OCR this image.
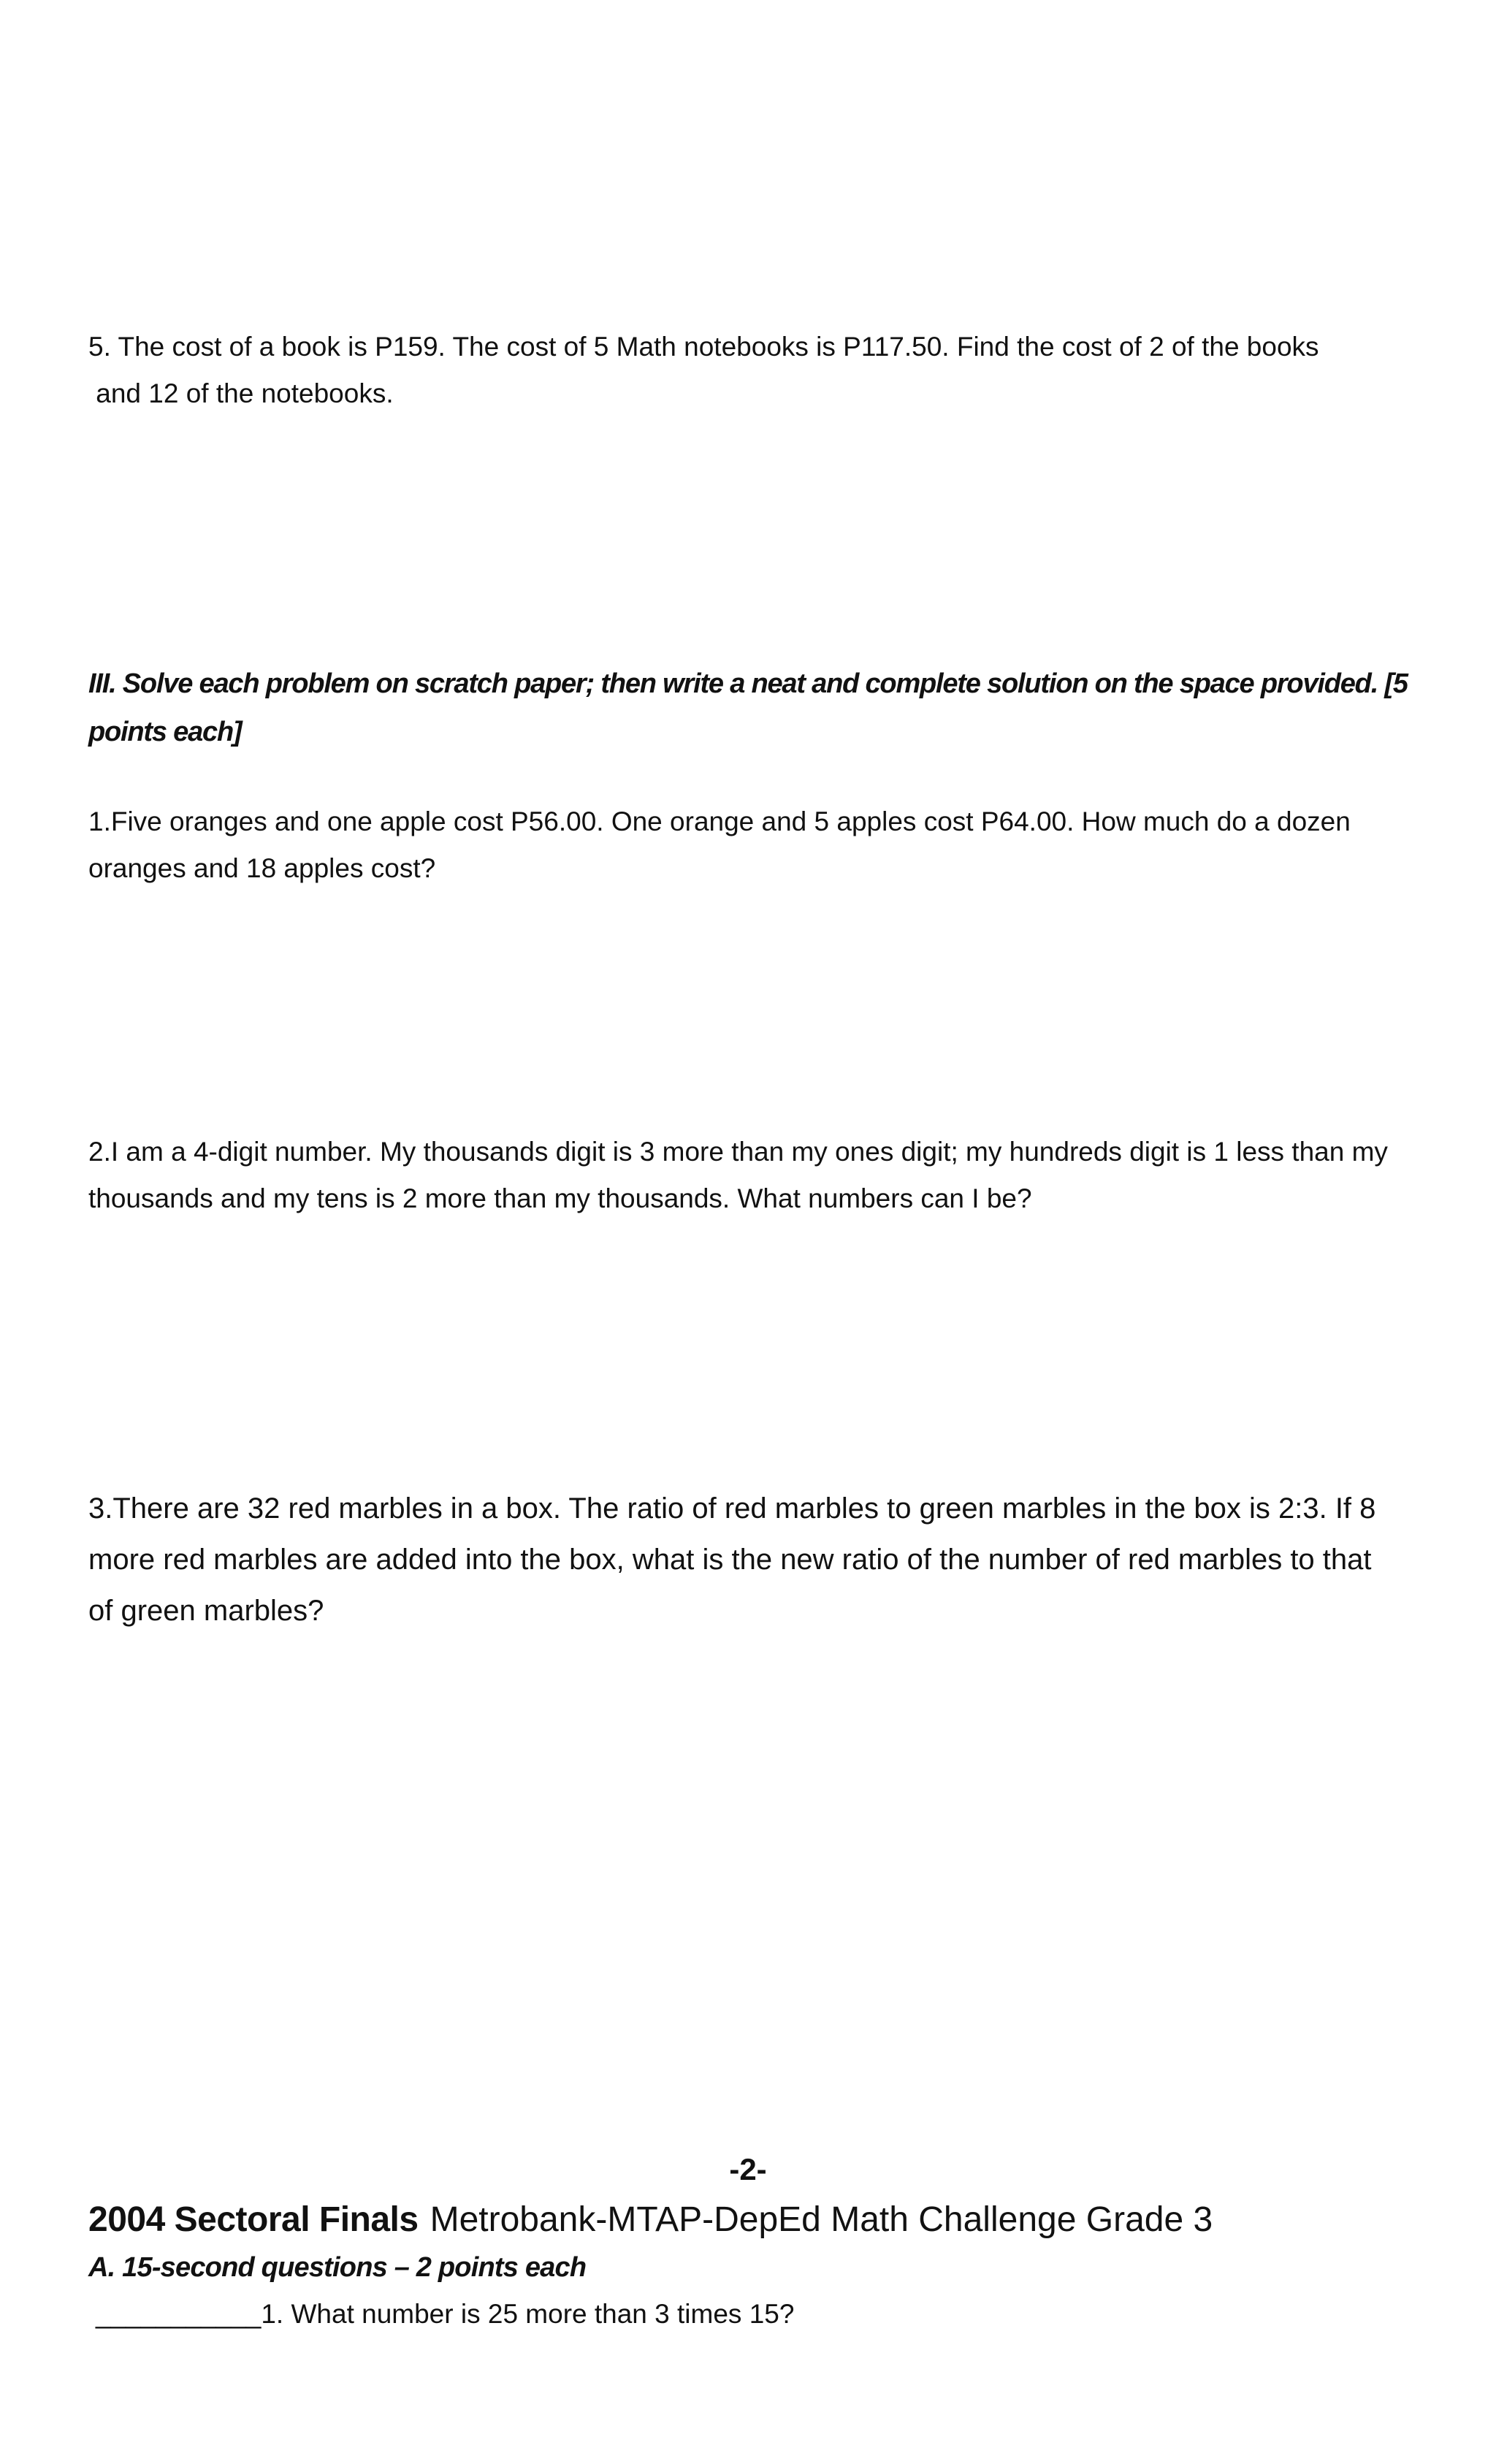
5. The cost of a book is P159. The cost of 5 Math notebooks is P117.50. Find the cost of 2 of the books
and 12 of the notebooks.
III. Solve each problem on scratch paper; then write a neat and complete solution on the space provided. [5
points each]
1.Five oranges and one apple cost P56.00. One orange and 5 apples cost P64.00. How much do a dozen
oranges and 18 apples cost?
2.I am a 4-digit number. My thousands digit is 3 more than my ones digit; my hundreds digit is 1 less than my
thousands and my tens is 2 more than my thousands. What numbers can I be?
3.There are 32 red marbles in a box. The ratio of red marbles to green marbles in the box is 2:3. If 8
more red marbles are added into the box, what is the new ratio of the number of red marbles to that
of green marbles?
-2-
2004 Sectoral Finals Metrobank-MTAP-DepEd Math Challenge Grade 3
A. 15-second questions – 2 points each
___________1. What number is 25 more than 3 times 15?
